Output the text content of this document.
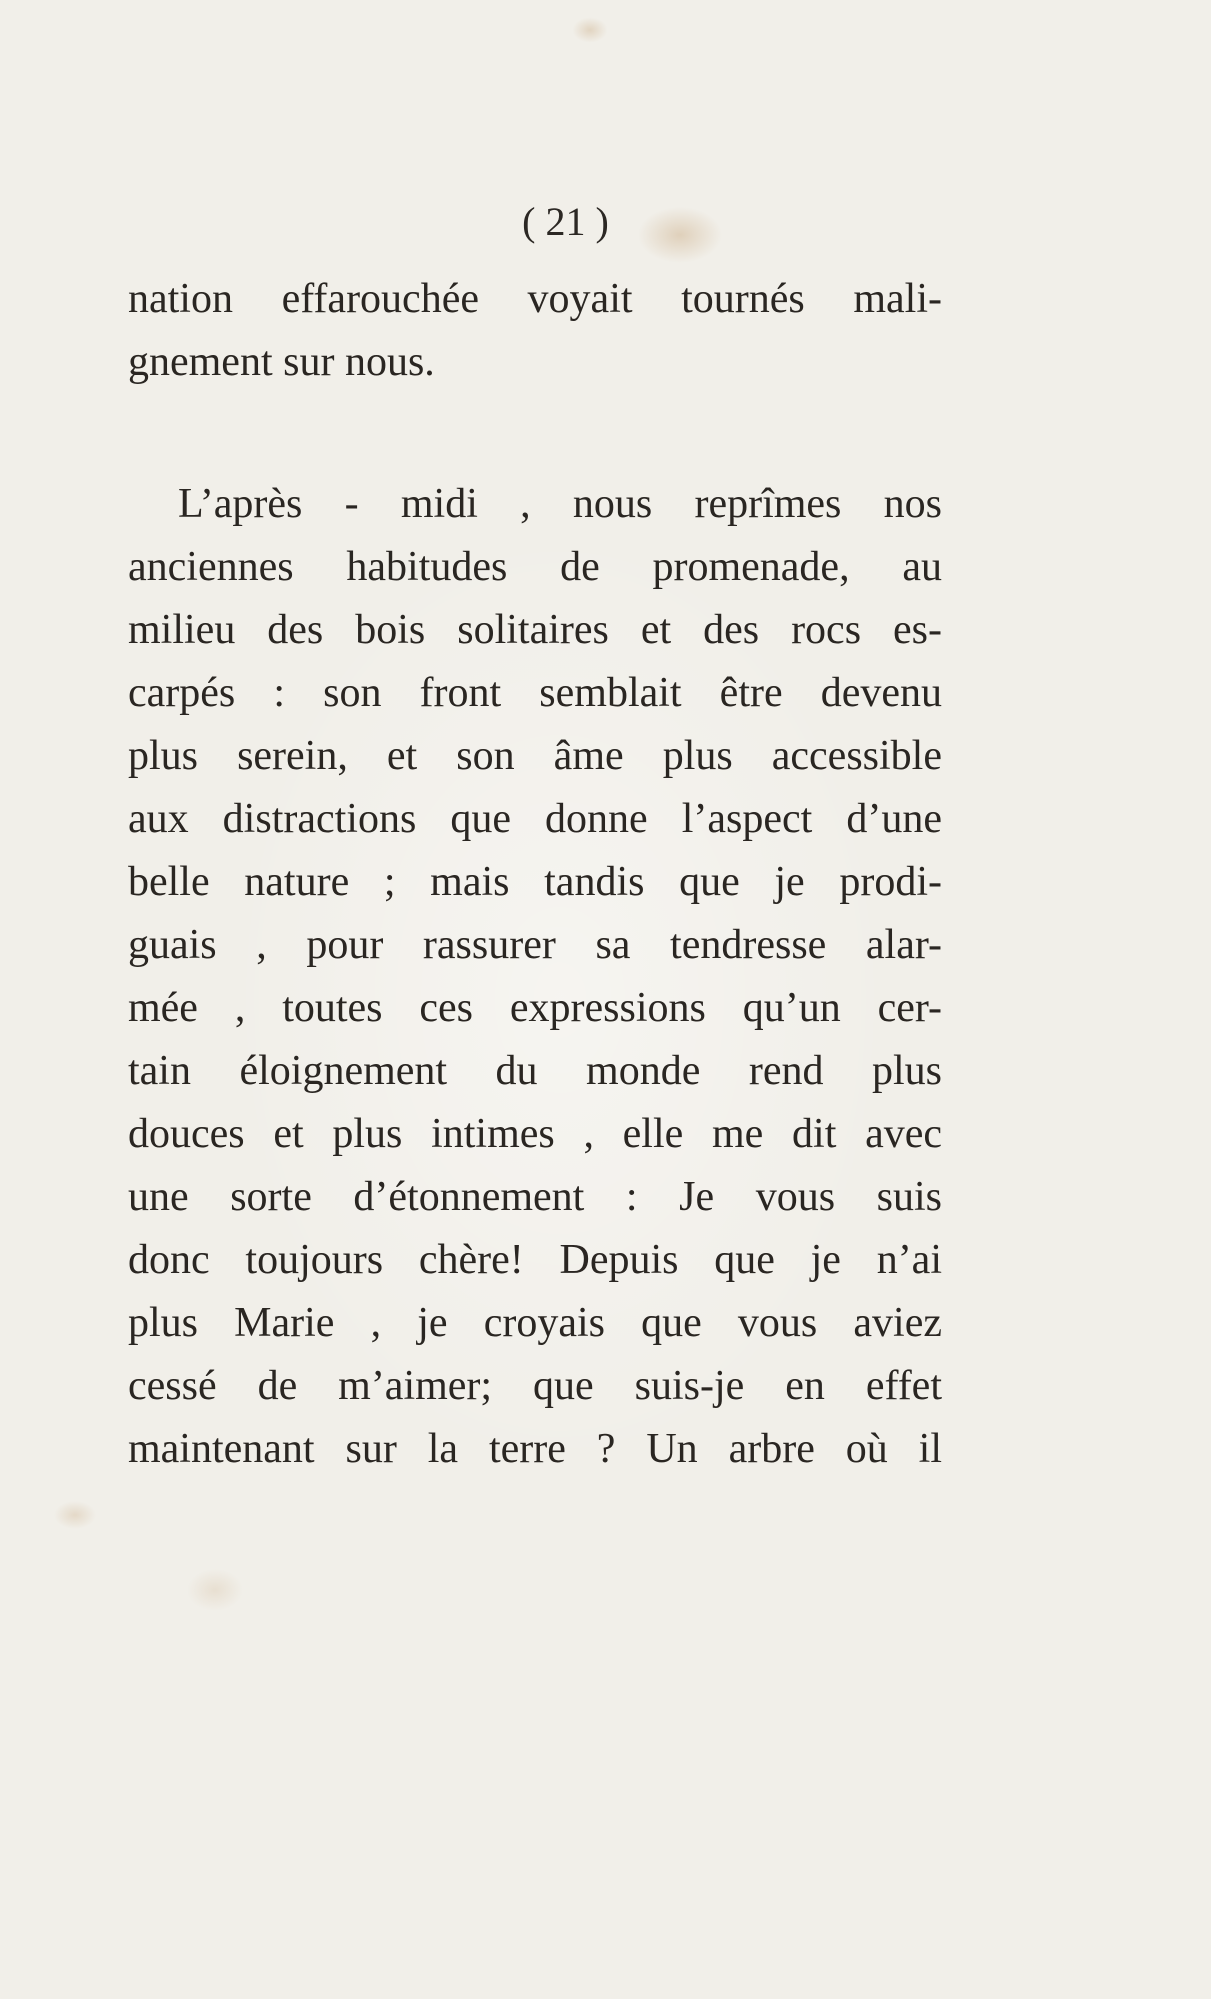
( 21 )
nation effarouchée voyait tournés mali-
gnement sur nous.
L’après - midi , nous reprîmes nos
anciennes habitudes de promenade, au
milieu des bois solitaires et des rocs es-
carpés : son front semblait être devenu
plus serein, et son âme plus accessible
aux distractions que donne l’aspect d’une
belle nature ; mais tandis que je prodi-
guais , pour rassurer sa tendresse alar-
mée , toutes ces expressions qu’un cer-
tain éloignement du monde rend plus
douces et plus intimes , elle me dit avec
une sorte d’étonnement : Je vous suis
donc toujours chère! Depuis que je n’ai
plus Marie , je croyais que vous aviez
cessé de m’aimer; que suis-je en effet
maintenant sur la terre ? Un arbre où il
